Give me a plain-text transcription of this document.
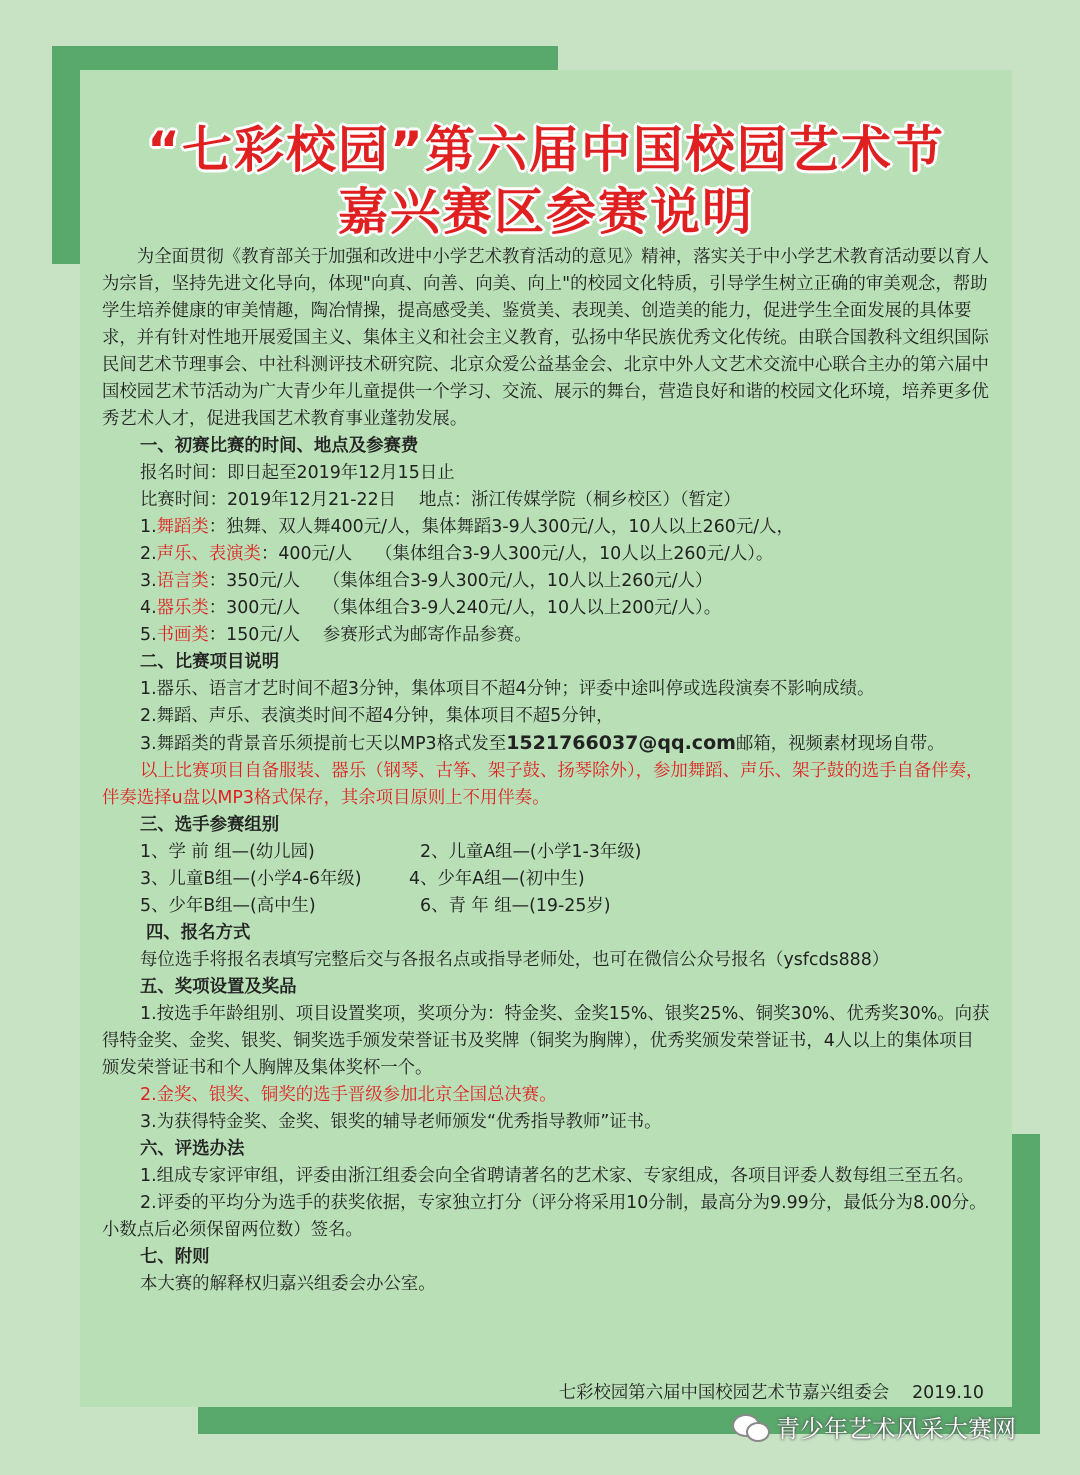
“七彩校园”第六届中国校园艺术节
嘉兴赛区参赛说明

为全面贯彻《教育部关于加强和改进中小学艺术教育活动的意见》精神，落实关于中小学艺术教育活动要以育人为宗旨，坚持先进文化导向，体现"向真、向善、向美、向上"的校园文化特质，引导学生树立正确的审美观念，帮助学生培养健康的审美情趣，陶冶情操，提高感受美、鉴赏美、表现美、创造美的能力，促进学生全面发展的具体要求，并有针对性地开展爱国主义、集体主义和社会主义教育，弘扬中华民族优秀文化传统。由联合国教科文组织国际民间艺术节理事会、中社科测评技术研究院、北京众爱公益基金会、北京中外人文艺术交流中心联合主办的第六届中国校园艺术节活动为广大青少年儿童提供一个学习、交流、展示的舞台，营造良好和谐的校园文化环境，培养更多优秀艺术人才，促进我国艺术教育事业蓬勃发展。

一、初赛比赛的时间、地点及参赛费

报名时间：即日起至2019年12月15日止

比赛时间：2019年12月21-22日　 地点：浙江传媒学院（桐乡校区）（暂定）

1.舞蹈类：独舞、双人舞400元/人，集体舞蹈3-9人300元/人，10人以上260元/人，

2.声乐、表演类：400元/人　 （集体组合3-9人300元/人，10人以上260元/人）。

3.语言类：350元/人　 （集体组合3-9人300元/人，10人以上260元/人）

4.器乐类：300元/人　 （集体组合3-9人240元/人，10人以上200元/人）。

5.书画类：150元/人　 参赛形式为邮寄作品参赛。

二、比赛项目说明

1.器乐、语言才艺时间不超3分钟，集体项目不超4分钟；评委中途叫停或选段演奏不影响成绩。

2.舞蹈、声乐、表演类时间不超4分钟，集体项目不超5分钟，

3.舞蹈类的背景音乐须提前七天以MP3格式发至1521766037@qq.com邮箱，视频素材现场自带。

以上比赛项目自备服装、器乐（钢琴、古筝、架子鼓、扬琴除外），参加舞蹈、声乐、架子鼓的选手自备伴奏，伴奏选择u盘以MP3格式保存，其余项目原则上不用伴奏。

三、选手参赛组别

1、学 前 组—(幼儿园)	2、儿童A组—(小学1-3年级)
3、儿童B组—(小学4-6年级)	4、少年A组—(初中生)
5、少年B组—(高中生)	6、青 年 组—(19-25岁)

四、报名方式

每位选手将报名表填写完整后交与各报名点或指导老师处，也可在微信公众号报名（ysfcds888）

五、奖项设置及奖品

1.按选手年龄组别、项目设置奖项，奖项分为：特金奖、金奖15%、银奖25%、铜奖30%、优秀奖30%。向获得特金奖、金奖、银奖、铜奖选手颁发荣誉证书及奖牌（铜奖为胸牌），优秀奖颁发荣誉证书，4人以上的集体项目颁发荣誉证书和个人胸牌及集体奖杯一个。

2.金奖、银奖、铜奖的选手晋级参加北京全国总决赛。

3.为获得特金奖、金奖、银奖的辅导老师颁发“优秀指导教师”证书。

六、评选办法

1.组成专家评审组，评委由浙江组委会向全省聘请著名的艺术家、专家组成，各项目评委人数每组三至五名。

2.评委的平均分为选手的获奖依据，专家独立打分（评分将采用10分制，最高分为9.99分，最低分为8.00分。小数点后必须保留两位数）签名。

七、附则

本大赛的解释权归嘉兴组委会办公室。

七彩校园第六届中国校园艺术节嘉兴组委会　 2019.10
青少年艺术风采大赛网
